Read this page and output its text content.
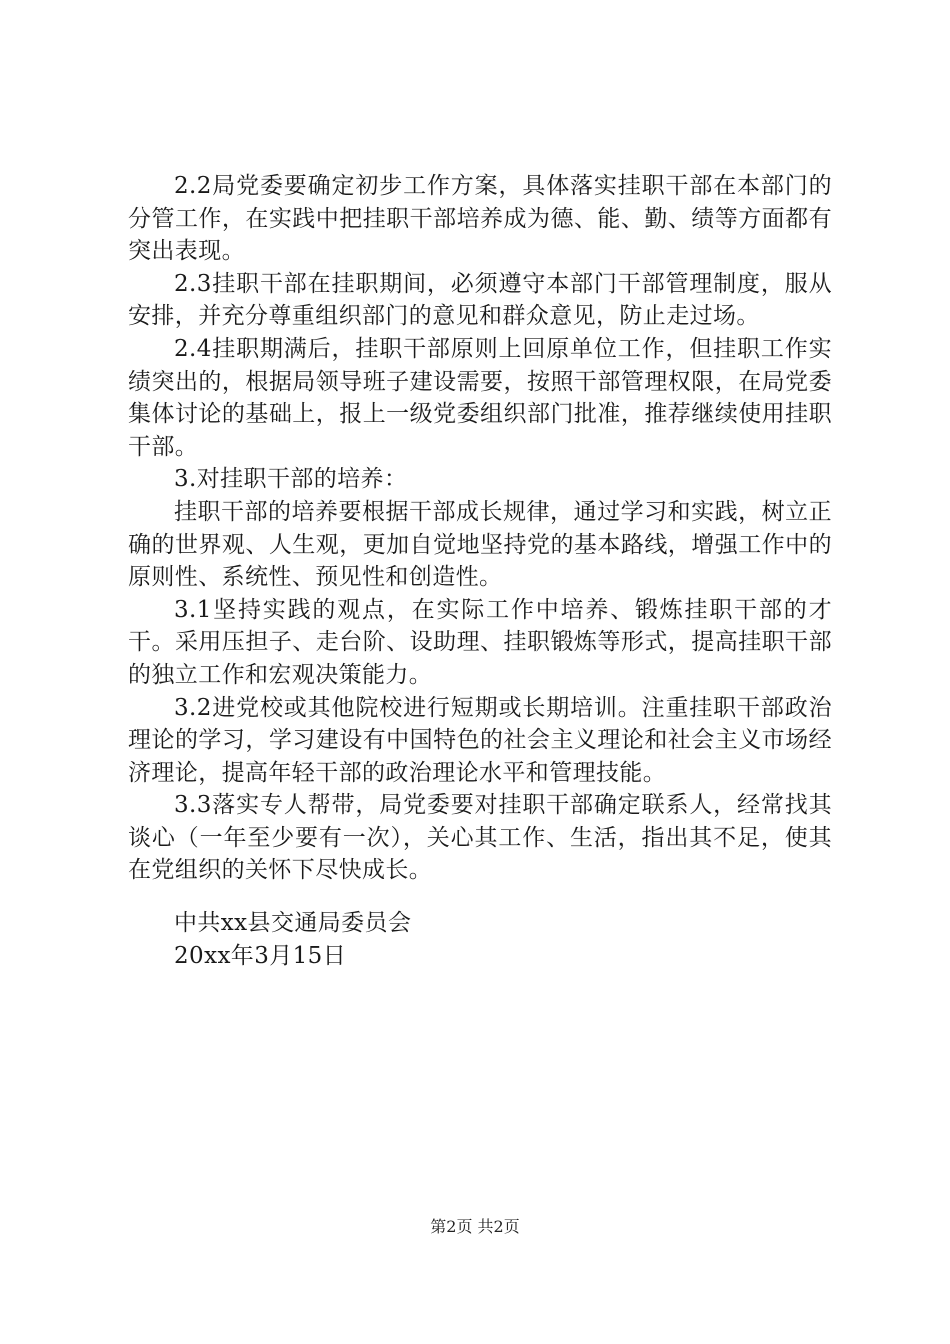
2.2局党委要确定初步工作方案，具体落实挂职干部在本部门的分管工作，在实践中把挂职干部培养成为德、能、勤、绩等方面都有突出表现。

2.3挂职干部在挂职期间，必须遵守本部门干部管理制度，服从安排，并充分尊重组织部门的意见和群众意见，防止走过场。

2.4挂职期满后，挂职干部原则上回原单位工作，但挂职工作实绩突出的，根据局领导班子建设需要，按照干部管理权限，在局党委集体讨论的基础上，报上一级党委组织部门批准，推荐继续使用挂职干部。

3.对挂职干部的培养：

挂职干部的培养要根据干部成长规律，通过学习和实践，树立正确的世界观、人生观，更加自觉地坚持党的基本路线，增强工作中的原则性、系统性、预见性和创造性。

3.1坚持实践的观点，在实际工作中培养、锻炼挂职干部的才干。采用压担子、走台阶、设助理、挂职锻炼等形式，提高挂职干部的独立工作和宏观决策能力。

3.2进党校或其他院校进行短期或长期培训。注重挂职干部政治理论的学习，学习建设有中国特色的社会主义理论和社会主义市场经济理论，提高年轻干部的政治理论水平和管理技能。

3.3落实专人帮带，局党委要对挂职干部确定联系人，经常找其谈心（一年至少要有一次），关心其工作、生活，指出其不足，使其在党组织的关怀下尽快成长。

中共xx县交通局委员会
20xx年3月15日
第2页 共2页
